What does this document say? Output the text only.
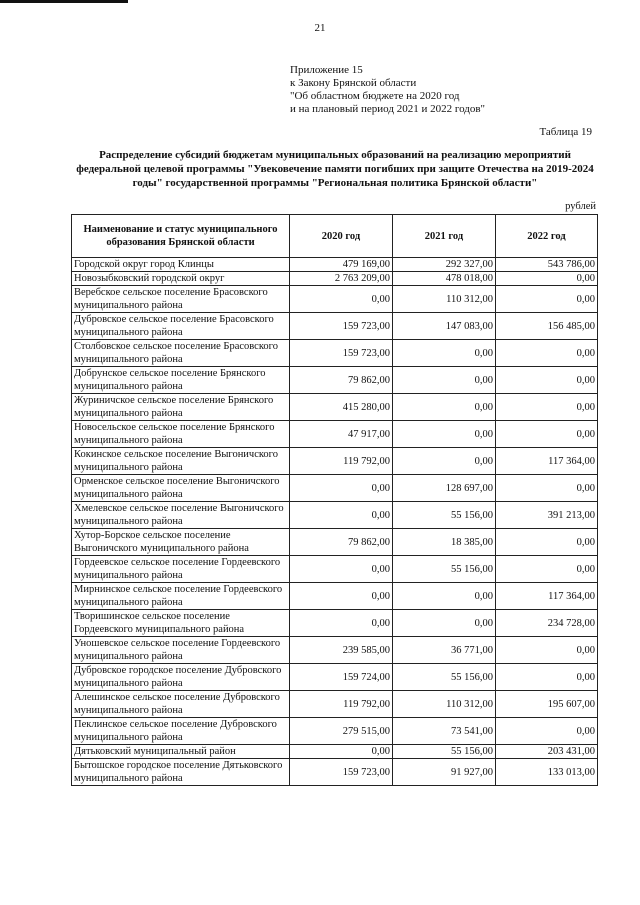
21
Приложение 15
к Закону Брянской области
"Об областном бюджете на 2020 год
и на плановый период 2021 и 2022 годов"
Таблица 19
Распределение субсидий бюджетам муниципальных образований на реализацию мероприятий федеральной целевой программы "Увековечение памяти погибших при защите Отечества на 2019-2024 годы" государственной программы "Региональная политика Брянской области"
рублей
Наименование и статус муниципального образования Брянской области	2020 год	2021 год	2022 год
Городской округ город Клинцы	479 169,00	292 327,00	543 786,00
Новозыбковский городской округ	2 763 209,00	478 018,00	0,00
Веребское сельское поселение Брасовского муниципального района	0,00	110 312,00	0,00
Дубровское сельское поселение Брасовского муниципального района	159 723,00	147 083,00	156 485,00
Столбовское сельское поселение Брасовского муниципального района	159 723,00	0,00	0,00
Добрунское сельское поселение Брянского муниципального района	79 862,00	0,00	0,00
Журиничское сельское поселение Брянского муниципального района	415 280,00	0,00	0,00
Новосельское сельское поселение Брянского муниципального района	47 917,00	0,00	0,00
Кокинское сельское поселение Выгоничского муниципального района	119 792,00	0,00	117 364,00
Орменское сельское поселение Выгоничского муниципального района	0,00	128 697,00	0,00
Хмелевское сельское поселение Выгоничского муниципального района	0,00	55 156,00	391 213,00
Хутор-Борское сельское поселение Выгоничского муниципального района	79 862,00	18 385,00	0,00
Гордеевское сельское поселение Гордеевского муниципального района	0,00	55 156,00	0,00
Мирнинское сельское поселение Гордеевского муниципального района	0,00	0,00	117 364,00
Творишинское сельское поселение Гордеевского муниципального района	0,00	0,00	234 728,00
Уношевское сельское поселение Гордеевского муниципального района	239 585,00	36 771,00	0,00
Дубровское городское поселение Дубровского муниципального района	159 724,00	55 156,00	0,00
Алешинское сельское поселение Дубровского муниципального района	119 792,00	110 312,00	195 607,00
Пеклинское сельское поселение Дубровского муниципального района	279 515,00	73 541,00	0,00
Дятьковский муниципальный район	0,00	55 156,00	203 431,00
Бытошское городское поселение Дятьковского муниципального района	159 723,00	91 927,00	133 013,00
